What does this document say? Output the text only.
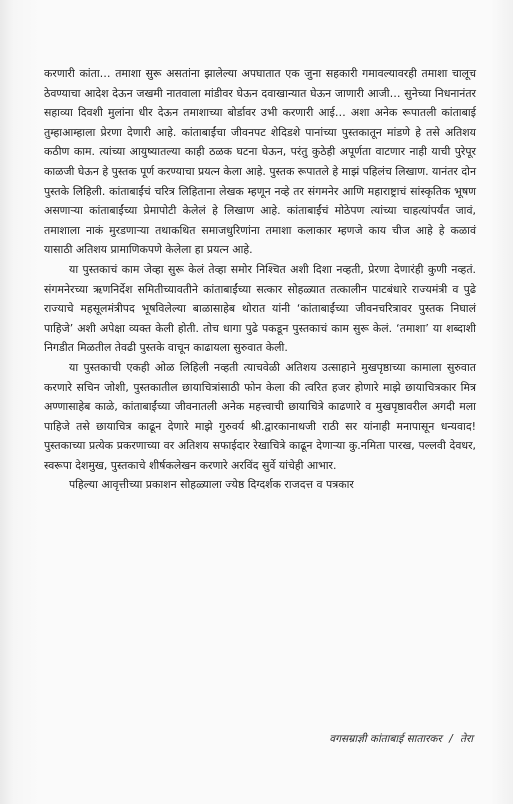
करणारी कांता… तमाशा सुरू असतांना झालेल्या अपघातात एक जुना सहकारी गमावल्यावरही तमाशा चालूच ठेवण्याचा आदेश देऊन जखमी नातवाला मांडीवर घेऊन दवाखान्यात घेऊन जाणारी आजी… सुनेच्या निधनानंतर सहाव्या दिवशी मुलांना धीर देऊन तमाशाच्या बोर्डावर उभी करणारी आई… अशा अनेक रूपातली कांताबाई तुम्हाआम्हाला प्रेरणा देणारी आहे. कांताबाईंचा जीवनपट शेदिडशे पानांच्या पुस्तकातून मांडणे हे तसे अतिशय कठीण काम. त्यांच्या आयुष्यातल्या काही ठळक घटना घेऊन, परंतु कुठेही अपूर्णता वाटणार नाही याची पुरेपूर काळजी घेऊन हे पुस्तक पूर्ण करण्याचा प्रयत्न केला आहे. पुस्तक रूपातले हे माझं पहिलंच लिखाण. यानंतर दोन पुस्तके लिहिली. कांताबाईंचं चरित्र लिहिताना लेखक म्हणून नव्हे तर संगमनेर आणि महाराष्ट्राचं सांस्कृतिक भूषण असणाऱ्या कांताबाईंच्या प्रेमापोटी केलेलं हे लिखाण आहे. कांताबाईंचं मोठेपण त्यांच्या चाहत्यांपर्यंत जावं, तमाशाला नाकं मुरडणाऱ्या तथाकथित समाजधुरिणांना तमाशा कलाकार म्हणजे काय चीज आहे हे कळावं यासाठी अतिशय प्रामाणिकपणे केलेला हा प्रयत्न आहे.

या पुस्तकाचं काम जेव्हा सुरू केलं तेव्हा समोर निश्चित अशी दिशा नव्हती, प्रेरणा देणारंही कुणी नव्हतं. संगमनेरच्या ऋणनिर्देश समितीच्यावतीने कांताबाईंच्या सत्कार सोहळ्यात तत्कालीन पाटबंधारे राज्यमंत्री व पुढे राज्याचे महसूलमंत्रीपद भूषविलेल्या बाळासाहेब थोरात यांनी ‘कांताबाईंच्या जीवनचरित्रावर पुस्तक निघालं पाहिजे’ अशी अपेक्षा व्यक्त केली होती. तोच धागा पुढे पकडून पुस्तकाचं काम सुरू केलं. ‘तमाशा’ या शब्दाशी निगडीत मिळतील तेवढी पुस्तके वाचून काढायला सुरुवात केली.

या पुस्तकाची एकही ओळ लिहिली नव्हती त्याचवेळी अतिशय उत्साहाने मुखपृष्ठाच्या कामाला सुरुवात करणारे सचिन जोशी, पुस्तकातील छायाचित्रांसाठी फोन केला की त्वरित हजर होणारे माझे छायाचित्रकार मित्र अण्णासाहेब काळे, कांताबाईंच्या जीवनातली अनेक महत्त्वाची छायाचित्रे काढणारे व मुखपृष्ठावरील अगदी मला पाहिजे तसे छायाचित्र काढून देणारे माझे गुरुवर्य श्री.द्वारकानाथजी राठी सर यांनाही मनापासून धन्यवाद! पुस्तकाच्या प्रत्येक प्रकरणाच्या वर अतिशय सफाईदार रेखाचित्रे काढून देणाऱ्या कु.नमिता पारख, पल्लवी देवधर, स्वरूपा देशमुख, पुस्तकाचे शीर्षकलेखन करणारे अरविंद सुर्वे यांचेही आभार.

पहिल्या आवृत्तीच्या प्रकाशन सोहळ्याला ज्येष्ठ दिग्दर्शक राजदत्त व पत्रकार

वगसम्राज्ञी कांताबाई सातारकर / तेरा
